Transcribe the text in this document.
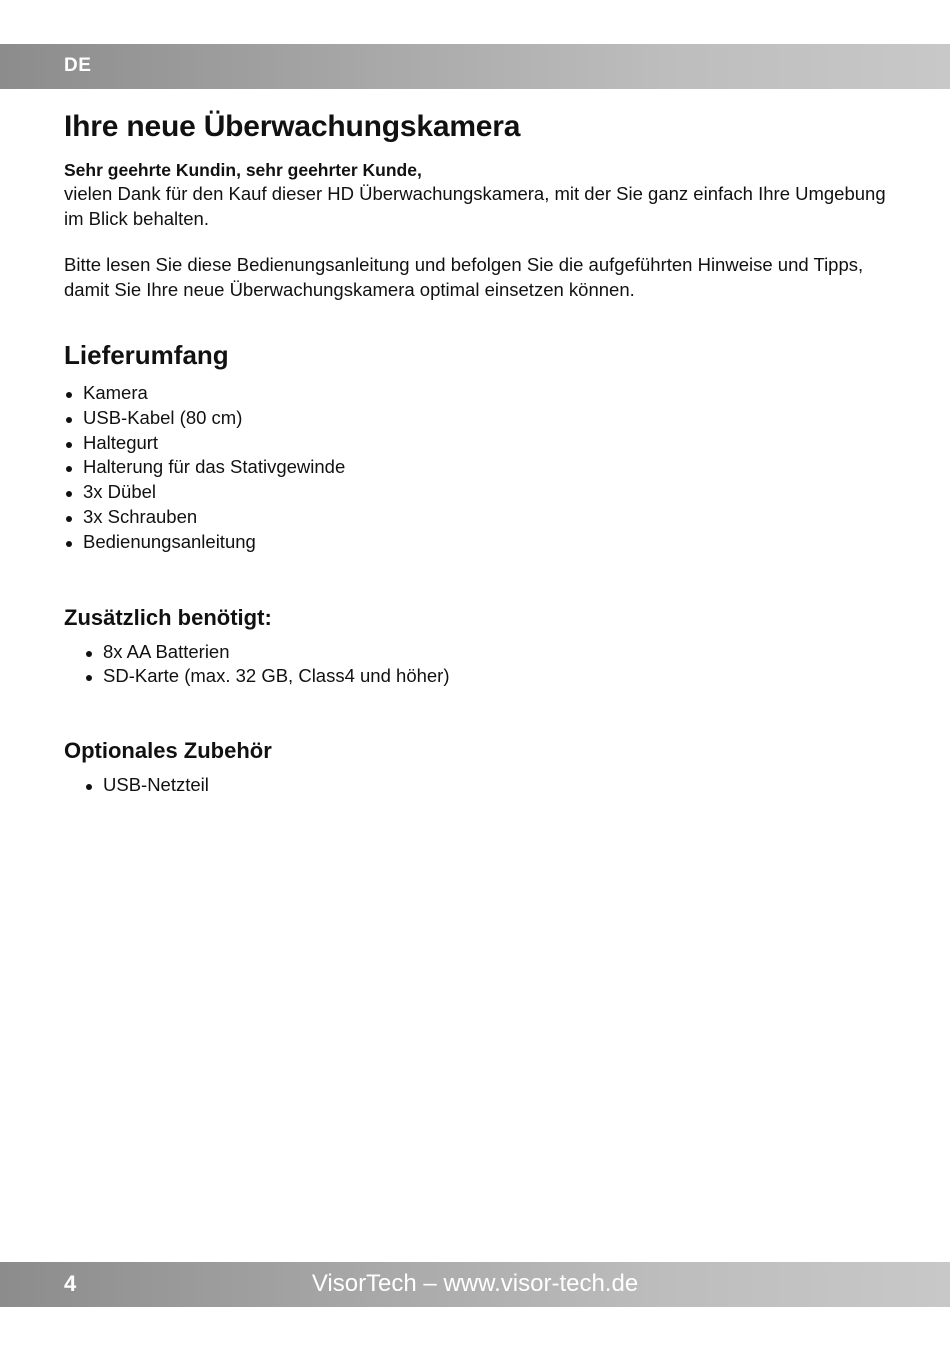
DE
Ihre neue Überwachungskamera

Sehr geehrte Kundin, sehr geehrter Kunde,

vielen Dank für den Kauf dieser HD Überwachungskamera, mit der Sie ganz einfach Ihre Umgebung im Blick behalten.

Bitte lesen Sie diese Bedienungsanleitung und befolgen Sie die aufgeführten Hinweise und Tipps, damit Sie Ihre neue Überwachungskamera optimal einsetzen können.

Lieferumfang
Kamera
USB-Kabel (80 cm)
Haltegurt
Halterung für das Stativgewinde
3x Dübel
3x Schrauben
Bedienungsanleitung
Zusätzlich benötigt:
8x AA Batterien
SD-Karte (max. 32 GB, Class4 und höher)
Optionales Zubehör
USB-Netzteil
4	VisorTech – www.visor-tech.de
